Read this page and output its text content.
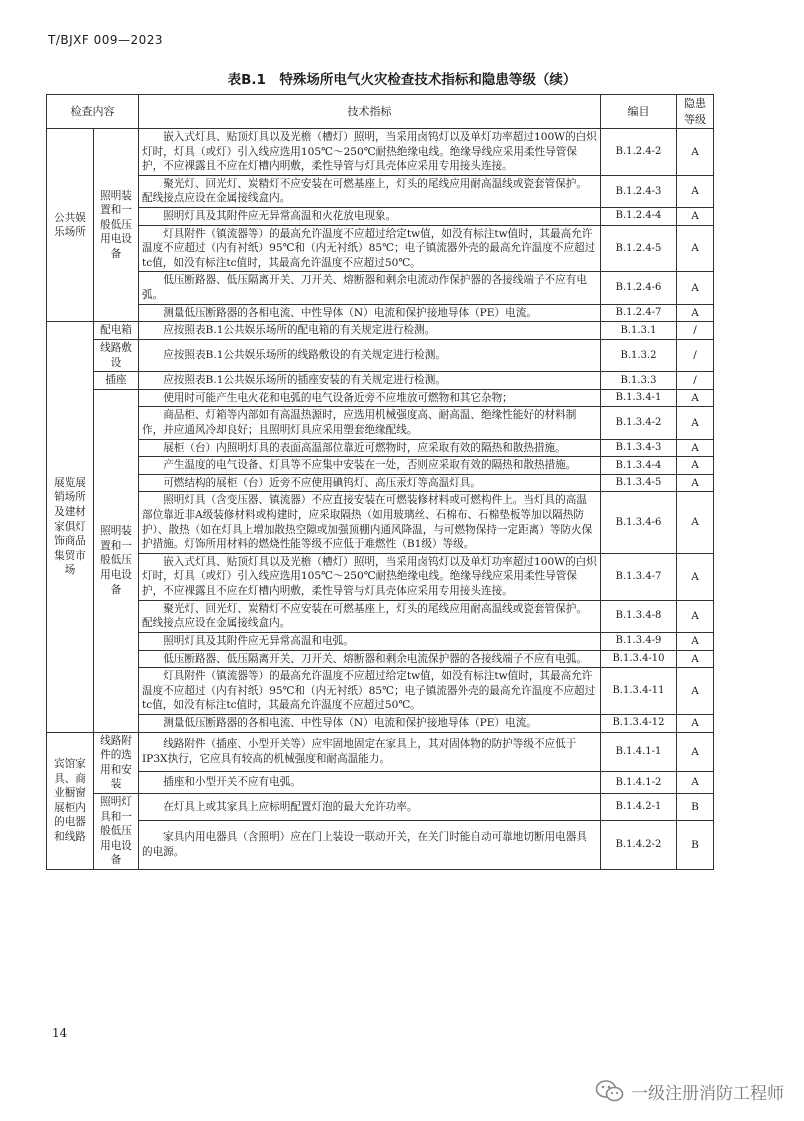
T/BJXF 009—2023
表B.1　特殊场所电气火灾检查技术指标和隐患等级（续）
检查内容		技术指标	编目	隐患等级
公共娱乐场所	照明装置和一般低压用电设备	嵌入式灯具、贴顶灯具以及光檐（槽灯）照明，当采用卤钨灯以及单灯功率超过100W的白炽灯时，灯具（或灯）引入线应选用105℃～250℃耐热绝缘电线。绝缘导线应采用柔性导管保护，不应裸露且不应在灯槽内明敷，柔性导管与灯具壳体应采用专用接头连接。	B.1.2.4-2	A
		聚光灯、回光灯、炭精灯不应安装在可燃基座上，灯头的尾线应用耐高温线或瓷套管保护。配线接点应设在金属接线盒内。	B.1.2.4-3	A
		照明灯具及其附件应无异常高温和火花放电现象。	B.1.2.4-4	A
		灯具附件（镇流器等）的最高允许温度不应超过给定tw值，如没有标注tw值时，其最高允许温度不应超过（内有衬纸）95℃和（内无衬纸）85℃；电子镇流器外壳的最高允许温度不应超过tc值，如没有标注tc值时，其最高允许温度不应超过50℃。	B.1.2.4-5	A
		低压断路器、低压隔离开关、刀开关、熔断器和剩余电流动作保护器的各接线端子不应有电弧。	B.1.2.4-6	A
		测量低压断路器的各相电流、中性导体（N）电流和保护接地导体（PE）电流。	B.1.2.4-7	A
展览展销场所及建材家俱灯饰商品集贸市场	配电箱	应按照表B.1公共娱乐场所的配电箱的有关规定进行检测。	B.1.3.1	/
	线路敷设	应按照表B.1公共娱乐场所的线路敷设的有关规定进行检测。	B.1.3.2	/
	插座	应按照表B.1公共娱乐场所的插座安装的有关规定进行检测。	B.1.3.3	/
	照明装置和一般低压用电设备	使用时可能产生电火花和电弧的电气设备近旁不应堆放可燃物和其它杂物；	B.1.3.4-1	A
		商品柜、灯箱等内部如有高温热源时，应选用机械强度高、耐高温、绝缘性能好的材料制作，并应通风冷却良好；且照明灯具应采用塑套绝缘配线。	B.1.3.4-2	A
		展柜（台）内照明灯具的表面高温部位靠近可燃物时，应采取有效的隔热和散热措施。	B.1.3.4-3	A
		产生温度的电气设备、灯具等不应集中安装在一处，否则应采取有效的隔热和散热措施。	B.1.3.4-4	A
		可燃结构的展柜（台）近旁不应使用碘钨灯、高压汞灯等高温灯具。	B.1.3.4-5	A
		照明灯具（含变压器、镇流器）不应直接安装在可燃装修材料或可燃构件上。当灯具的高温部位靠近非A级装修材料或构建时，应采取隔热（如用玻璃丝、石棉布、石棉垫板等加以隔热防护）、散热（如在灯具上增加散热空隙或加强顶棚内通风降温，与可燃物保持一定距离）等防火保护措施。灯饰所用材料的燃烧性能等级不应低于难燃性（B1级）等级。	B.1.3.4-6	A
		嵌入式灯具、贴顶灯具以及光檐（槽灯）照明，当采用卤钨灯以及单灯功率超过100W的白炽灯时，灯具（或灯）引入线应选用105℃～250℃耐热绝缘电线。绝缘导线应采用柔性导管保护，不应裸露且不应在灯槽内明敷，柔性导管与灯具壳体应采用专用接头连接。	B.1.3.4-7	A
		聚光灯、回光灯、炭精灯不应安装在可燃基座上，灯头的尾线应用耐高温线或瓷套管保护。配线接点应设在金属接线盒内。	B.1.3.4-8	A
		照明灯具及其附件应无异常高温和电弧。	B.1.3.4-9	A
		低压断路器、低压隔离开关、刀开关、熔断器和剩余电流保护器的各接线端子不应有电弧。	B.1.3.4-10	A
		灯具附件（镇流器等）的最高允许温度不应超过给定tw值，如没有标注tw值时，其最高允许温度不应超过（内有衬纸）95℃和（内无衬纸）85℃；电子镇流器外壳的最高允许温度不应超过tc值，如没有标注tc值时，其最高允许温度不应超过50℃。	B.1.3.4-11	A
		测量低压断路器的各相电流、中性导体（N）电流和保护接地导体（PE）电流。	B.1.3.4-12	A
宾馆家具、商业橱窗展柜内的电器和线路	线路附件的选用和安装	线路附件（插座、小型开关等）应牢固地固定在家具上，其对固体物的防护等级不应低于IP3X执行，它应具有较高的机械强度和耐高温能力。	B.1.4.1-1	A
		插座和小型开关不应有电弧。	B.1.4.1-2	A
	照明灯具和一般低压用电设备	在灯具上或其家具上应标明配置灯泡的最大允许功率。	B.1.4.2-1	B
		家具内用电器具（含照明）应在门上装设一联动开关，在关门时能自动可靠地切断用电器具的电源。	B.1.4.2-2	B
14
一级注册消防工程师
